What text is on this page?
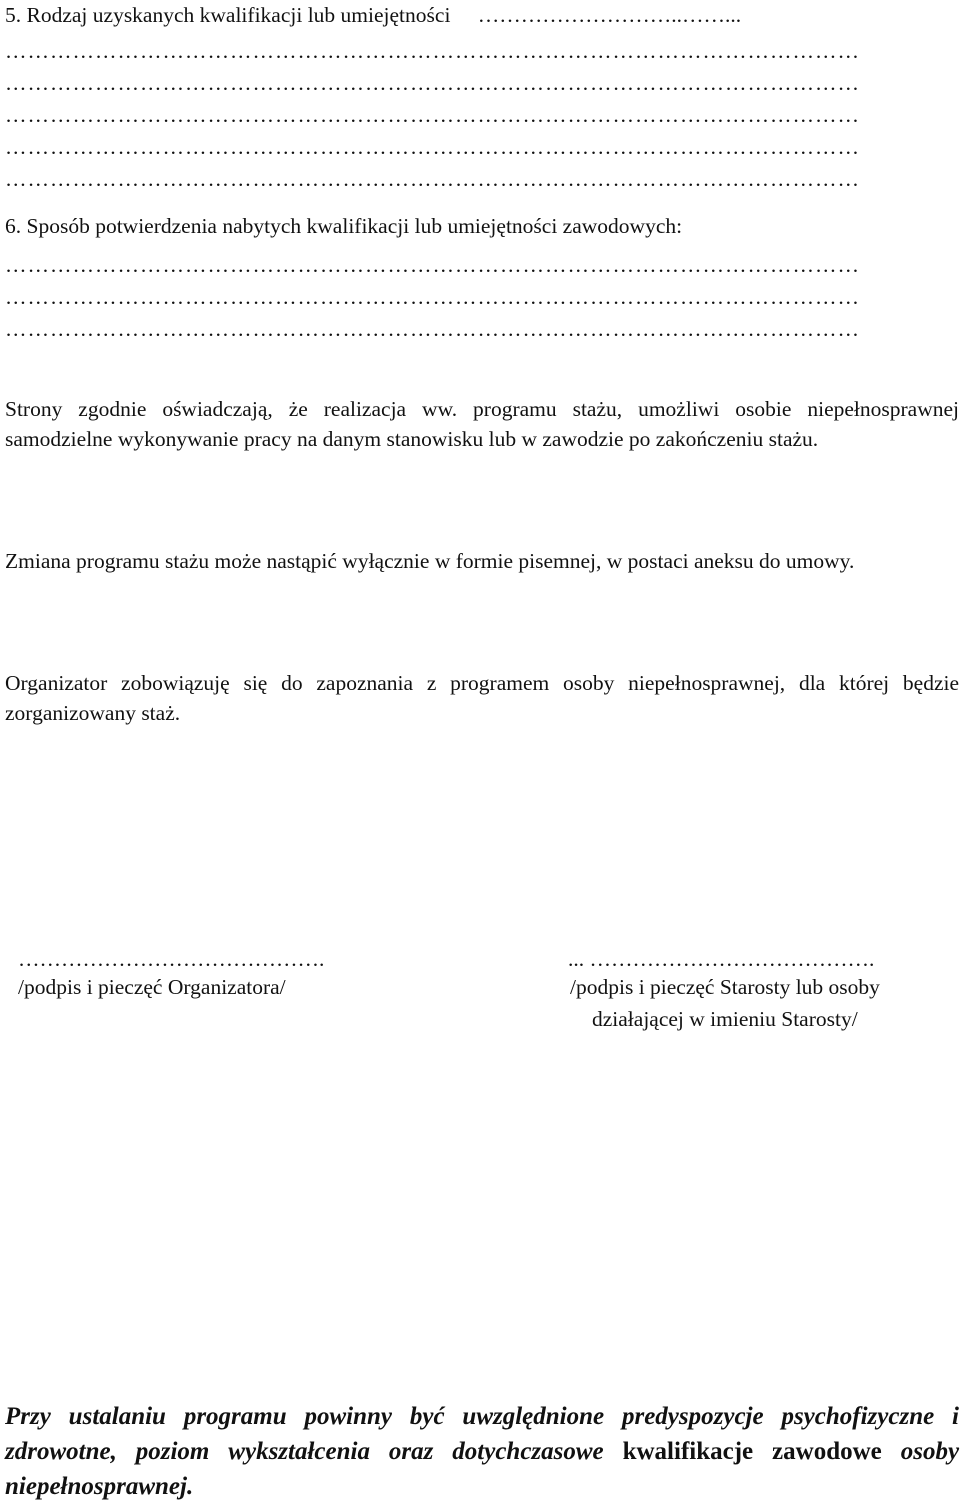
5. Rodzaj uzyskanych kwalifikacji lub umiejętności ………………………..……...
……………………………………………………………………………………………………
……………………………………………………………………………………………………
……………………………………………………………………………………………………
……………………………………………………………………………………………………
……………………………………………………………………………………………………
6. Sposób potwierdzenia nabytych kwalifikacji lub umiejętności zawodowych:
……………………………………………………………………………………………………
……………………………………………………………………………………………………
……………………………………………………………………………………………………
Strony zgodnie oświadczają, że realizacja ww. programu stażu, umożliwi osobie niepełnosprawnej samodzielne wykonywanie pracy na danym stanowisku lub w zawodzie po zakończeniu stażu.
Zmiana programu stażu może nastąpić wyłącznie w formie pisemnej, w postaci aneksu do umowy.
Organizator zobowiązuję się do zapoznania z programem osoby niepełnosprawnej, dla której będzie zorganizowany staż.
…………………………………….
/podpis i pieczęć Organizatora/
... ………………………………….
/podpis i pieczęć Starosty lub osoby
działającej w imieniu Starosty/
Przy ustalaniu programu powinny być uwzględnione predyspozycje psychofizyczne i zdrowotne, poziom wykształcenia oraz dotychczasowe kwalifikacje zawodowe osoby niepełnosprawnej.
